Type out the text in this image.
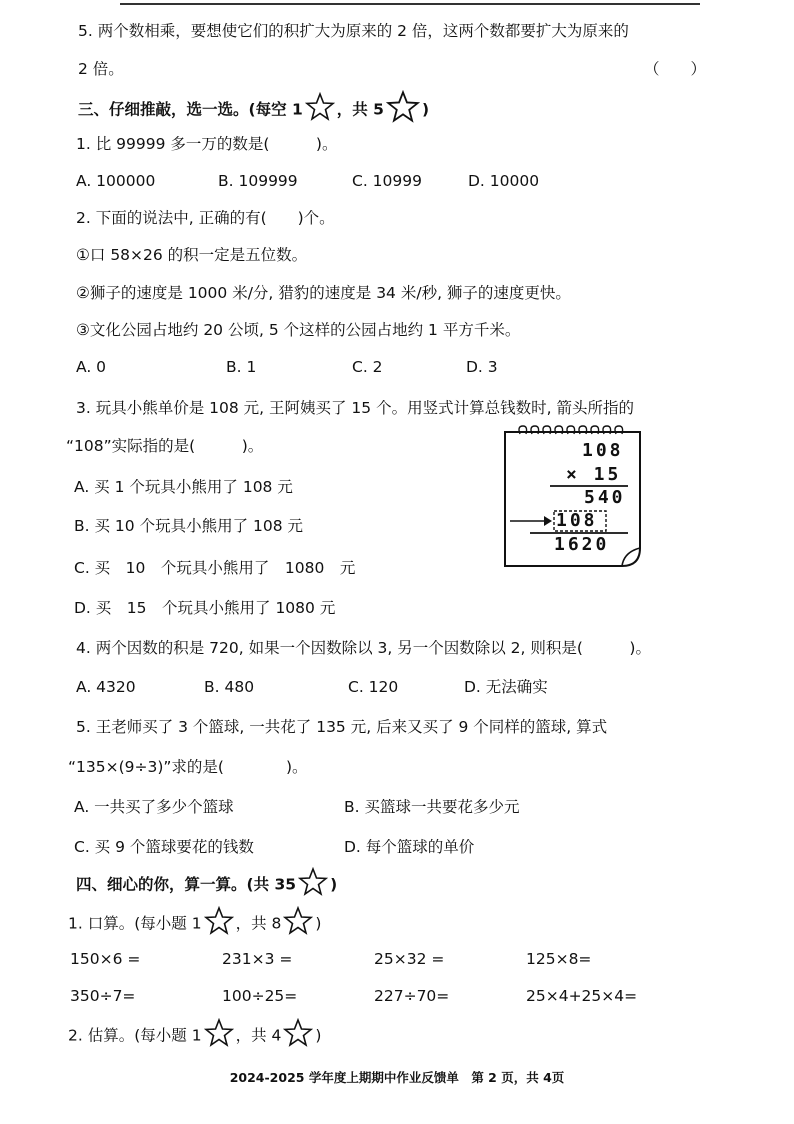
5. 两个数相乘，要想使它们的积扩大为原来的 2 倍，这两个数都要扩大为原来的
2 倍。	（　　）
三、仔细推敲，选一选。(每空 1 ，共 5 )
1. 比 99999 多一万的数是(　　　)。
A. 100000	B. 109999	C. 10999	D. 10000
2. 下面的说法中, 正确的有(　　)个。
①口 58×26 的积一定是五位数。
②狮子的速度是 1000 米/分, 猎豹的速度是 34 米/秒, 狮子的速度更快。
③文化公园占地约 20 公顷, 5 个这样的公园占地约 1 平方千米。
A. 0	B. 1	C. 2	D. 3
3. 玩具小熊单价是 108 元, 王阿姨买了 15 个。用竖式计算总钱数时, 箭头所指的
“108”实际指的是(　　　)。
A. 买 1 个玩具小熊用了 108 元
B. 买 10 个玩具小熊用了 108 元
C. 买　10　个玩具小熊用了　1080　元
D. 买　15　个玩具小熊用了 1080 元
108
× 15
540
108
1620
4. 两个因数的积是 720, 如果一个因数除以 3, 另一个因数除以 2, 则积是(　　　)。
A. 4320	B. 480	C. 120	D. 无法确实
5. 王老师买了 3 个篮球, 一共花了 135 元, 后来又买了 9 个同样的篮球, 算式
“135×(9÷3)”求的是(　　　　)。
A. 一共买了多少个篮球	B. 买篮球一共要花多少元
C. 买 9 个篮球要花的钱数	D. 每个篮球的单价
四、细心的你，算一算。(共 35 )
1. 口算。(每小题 1 ，共 8 )
150×6 =	231×3 =	25×32 =	125×8=
350÷7=	100÷25=	227÷70=	25×4+25×4=
2. 估算。(每小题 1 ，共 4 )
2024-2025 学年度上期期中作业反馈单　第 2 页，共 4页
